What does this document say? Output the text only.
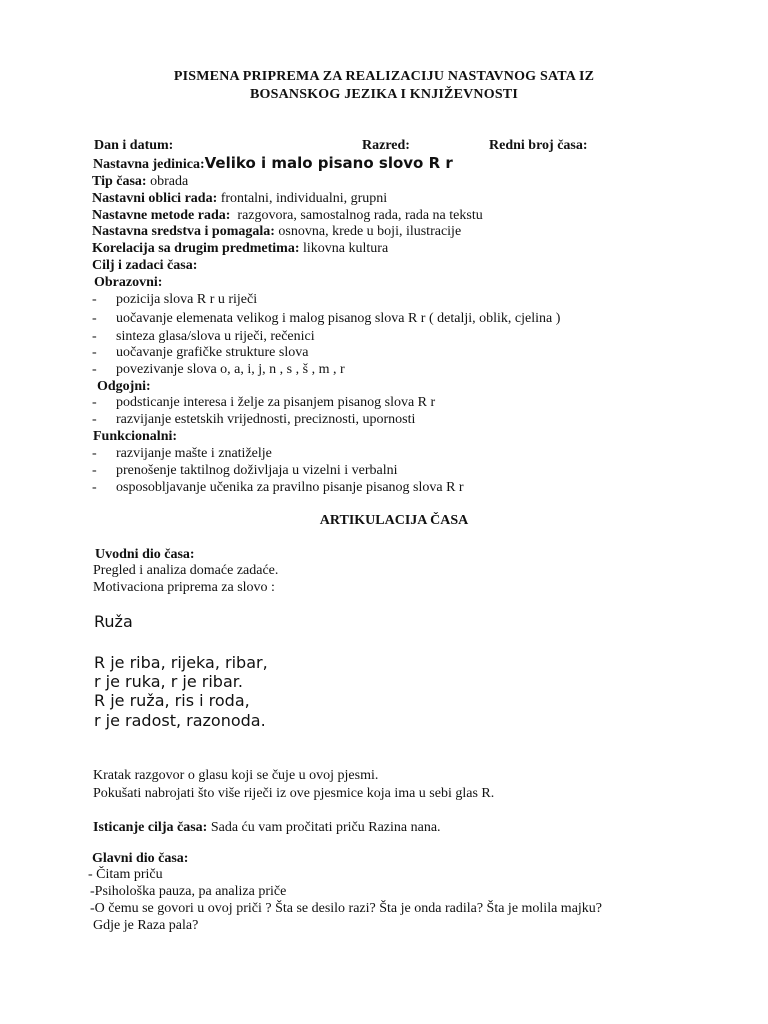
PISMENA PRIPREMA ZA REALIZACIJU NASTAVNOG SATA IZ
BOSANSKOG JEZIKA I KNJIŽEVNOSTI
Dan i datum:	Razred:	Redni broj časa:
Nastavna jedinica:Veliko i malo pisano slovo R r
Tip časa: obrada
Nastavni oblici rada: frontalni, individualni, grupni
Nastavne metode rada: razgovora, samostalnog rada, rada na tekstu
Nastavna sredstva i pomagala: osnovna, krede u boji, ilustracije
Korelacija sa drugim predmetima: likovna kultura
Cilj i zadaci časa:
Obrazovni:
- pozicija slova R r u riječi
- uočavanje elemenata velikog i malog pisanog slova R r ( detalji, oblik, cjelina )
- sinteza glasa/slova u riječi, rečenici
- uočavanje grafičke strukture slova
- povezivanje slova o, a, i, j, n , s , š , m , r
Odgojni:
- podsticanje interesa i želje za pisanjem pisanog slova R r
- razvijanje estetskih vrijednosti, preciznosti, upornosti
Funkcionalni:
- razvijanje mašte i znatiželje
- prenošenje taktilnog doživljaja u vizelni i verbalni
- osposobljavanje učenika za pravilno pisanje pisanog slova R r
ARTIKULACIJA ČASA
Uvodni dio časa:
Pregled i analiza domaće zadaće.
Motivaciona priprema za slovo :
Ruža
R je riba, rijeka, ribar,
r je ruka, r je ribar.
R je ruža, ris i roda,
r je radost, razonoda.
Kratak razgovor o glasu koji se čuje u ovoj pjesmi.
Pokušati nabrojati što više riječi iz ove pjesmice koja ima u sebi glas R.
Isticanje cilja časa: Sada ću vam pročitati priču Razina nana.
Glavni dio časa:
- Čitam priču
-Psihološka pauza, pa analiza priče
-O čemu se govori u ovoj priči ? Šta se desilo razi? Šta je onda radila? Šta je molila majku?
Gdje je Raza pala?
